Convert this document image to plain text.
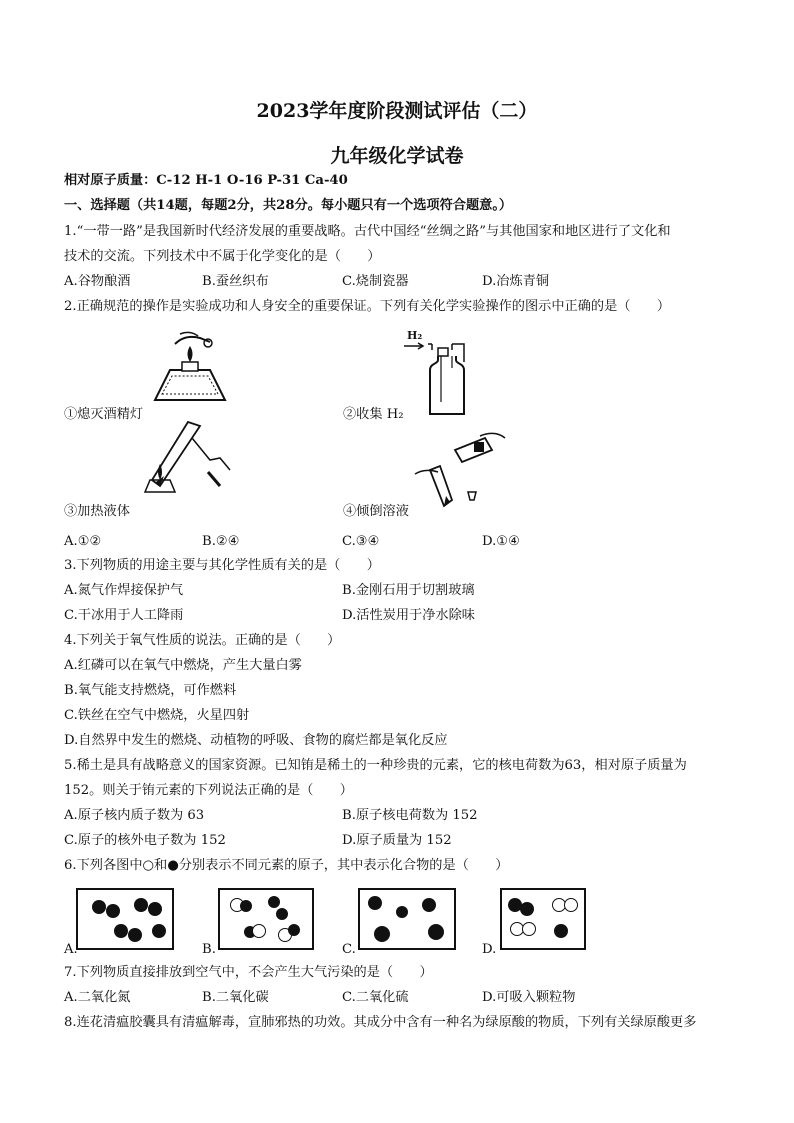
2023学年度阶段测试评估（二）
九年级化学试卷
相对原子质量：C-12 H-1 O-16 P-31 Ca-40
一、选择题（共14题，每题2分，共28分。每小题只有一个选项符合题意。）
1.“一带一路”是我国新时代经济发展的重要战略。古代中国经“丝绸之路”与其他国家和地区进行了文化和
技术的交流。下列技术中不属于化学变化的是（　　）
A.谷物酿酒	B.蚕丝织布	C.烧制瓷器	D.冶炼青铜
2.正确规范的操作是实验成功和人身安全的重要保证。下列有关化学实验操作的图示中正确的是（　　）
H₂
①熄灭酒精灯	②收集 H₂
③加热液体	④倾倒溶液
A.①②	B.②④	C.③④	D.①④
3.下列物质的用途主要与其化学性质有关的是（　　）
A.氮气作焊接保护气	B.金刚石用于切割玻璃
C.干冰用于人工降雨	D.活性炭用于净水除味
4.下列关于氧气性质的说法。正确的是（　　）
A.红磷可以在氧气中燃烧，产生大量白雾
B.氧气能支持燃烧，可作燃料
C.铁丝在空气中燃烧，火星四射
D.自然界中发生的燃烧、动植物的呼吸、食物的腐烂都是氧化反应
5.稀土是具有战略意义的国家资源。已知铕是稀土的一种珍贵的元素，它的核电荷数为63，相对原子质量为
152。则关于铕元素的下列说法正确的是（　　）
A.原子核内质子数为 63	B.原子核电荷数为 152
C.原子的核外电子数为 152	D.原子质量为 152
6.下列各图中○和●分别表示不同元素的原子，其中表示化合物的是（　　）
A.	B.	C.	D.
7.下列物质直接排放到空气中，不会产生大气污染的是（　　）
A.二氧化氮	B.二氧化碳	C.二氧化硫	D.可吸入颗粒物
8.连花清瘟胶囊具有清瘟解毒，宣肺邪热的功效。其成分中含有一种名为绿原酸的物质，下列有关绿原酸更多
